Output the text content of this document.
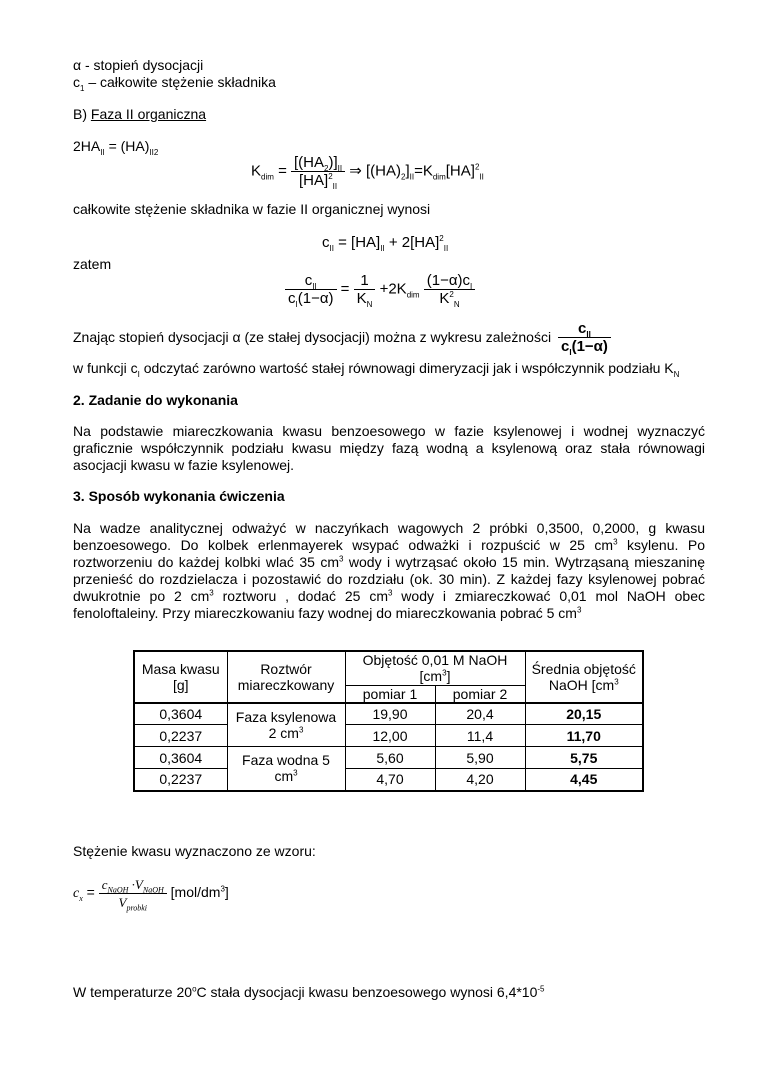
α - stopień dysocjacji
$c_1$ – całkowite stężenie składnika
B) Faza II organiczna
$2HA_{II} = (HA)_{II2}$
$K_{dim} = \frac{[(HA_2)]_{II}}{[HA]^2_{II}}$ ⇒ $[(HA)_2]_{II}=K_{dim}[HA]^2_{II}$
całkowite stężenie składnika w fazie II organicznej wynosi
$c_{II} = [HA]_{II} + 2[HA]^2_{II}$
zatem
$\frac{c_{II}}{c_I(1-\alpha)} = \frac{1}{K_N} +2K_{dim} \frac{(1-\alpha)c_I}{K^2_N}$
Znając stopień dysocjacji α (ze stałej dysocjacji) można z wykresu zależności $\frac{c_{II}}{c_I(1-\alpha)}$
w funkcji $c_I$ odczytać zarówno wartość stałej równowagi dimeryzacji jak i współczynnik podziału $K_N$
2. Zadanie do wykonania
Na podstawie miareczkowania kwasu benzoesowego w fazie ksylenowej i wodnej wyznaczyć
graficznie współczynnik podziału kwasu między fazą wodną a ksylenową oraz stała równowagi
asocjacji kwasu w fazie ksylenowej.
3. Sposób wykonania ćwiczenia
Na wadze analitycznej odważyć w naczyńkach wagowych 2 próbki 0,3500, 0,2000, g kwasu
benzoesowego. Do kolbek erlenmayerek wsypać odważki i rozpuścić w 25 $cm^3$ ksylenu. Po
roztworzeniu do każdej kolbki wlać 35 $cm^3$ wody i wytrząsać około 15 min. Wytrząsaną mieszaninę
przenieść do rozdzielacza i pozostawić do rozdziału (ok. 30 min). Z każdej fazy ksylenowej pobrać
dwukrotnie po 2 $cm^3$ roztworu , dodać 25 $cm^3$ wody i zmiareczkować 0,01 mol NaOH obec
fenoloftaleiny. Przy miareczkowaniu fazy wodnej do miareczkowania pobrać 5 $cm^3$
Masa kwasu [g]	Roztwór miareczkowany	Objętość 0,01 M NaOH $[cm^3]$		Średnia objętość NaOH [$cm^3$
		pomiar 1	pomiar 2	
0,3604	Faza ksylenowa 2 $cm^3$	19,90	20,4	20,15
0,2237		12,00	11,4	11,70
0,3604	Faza wodna 5 $cm^3$	5,60	5,90	5,75
0,2237		4,70	4,20	4,45
Stężenie kwasu wyznaczono ze wzoru:
$c_x = \frac{c_{NaOH} \cdot V_{NaOH}}{V_{probki}} [mol/dm^3]$
W temperaturze 20$^o$C stała dysocjacji kwasu benzoesowego wynosi $6,4*10^{-5}$
